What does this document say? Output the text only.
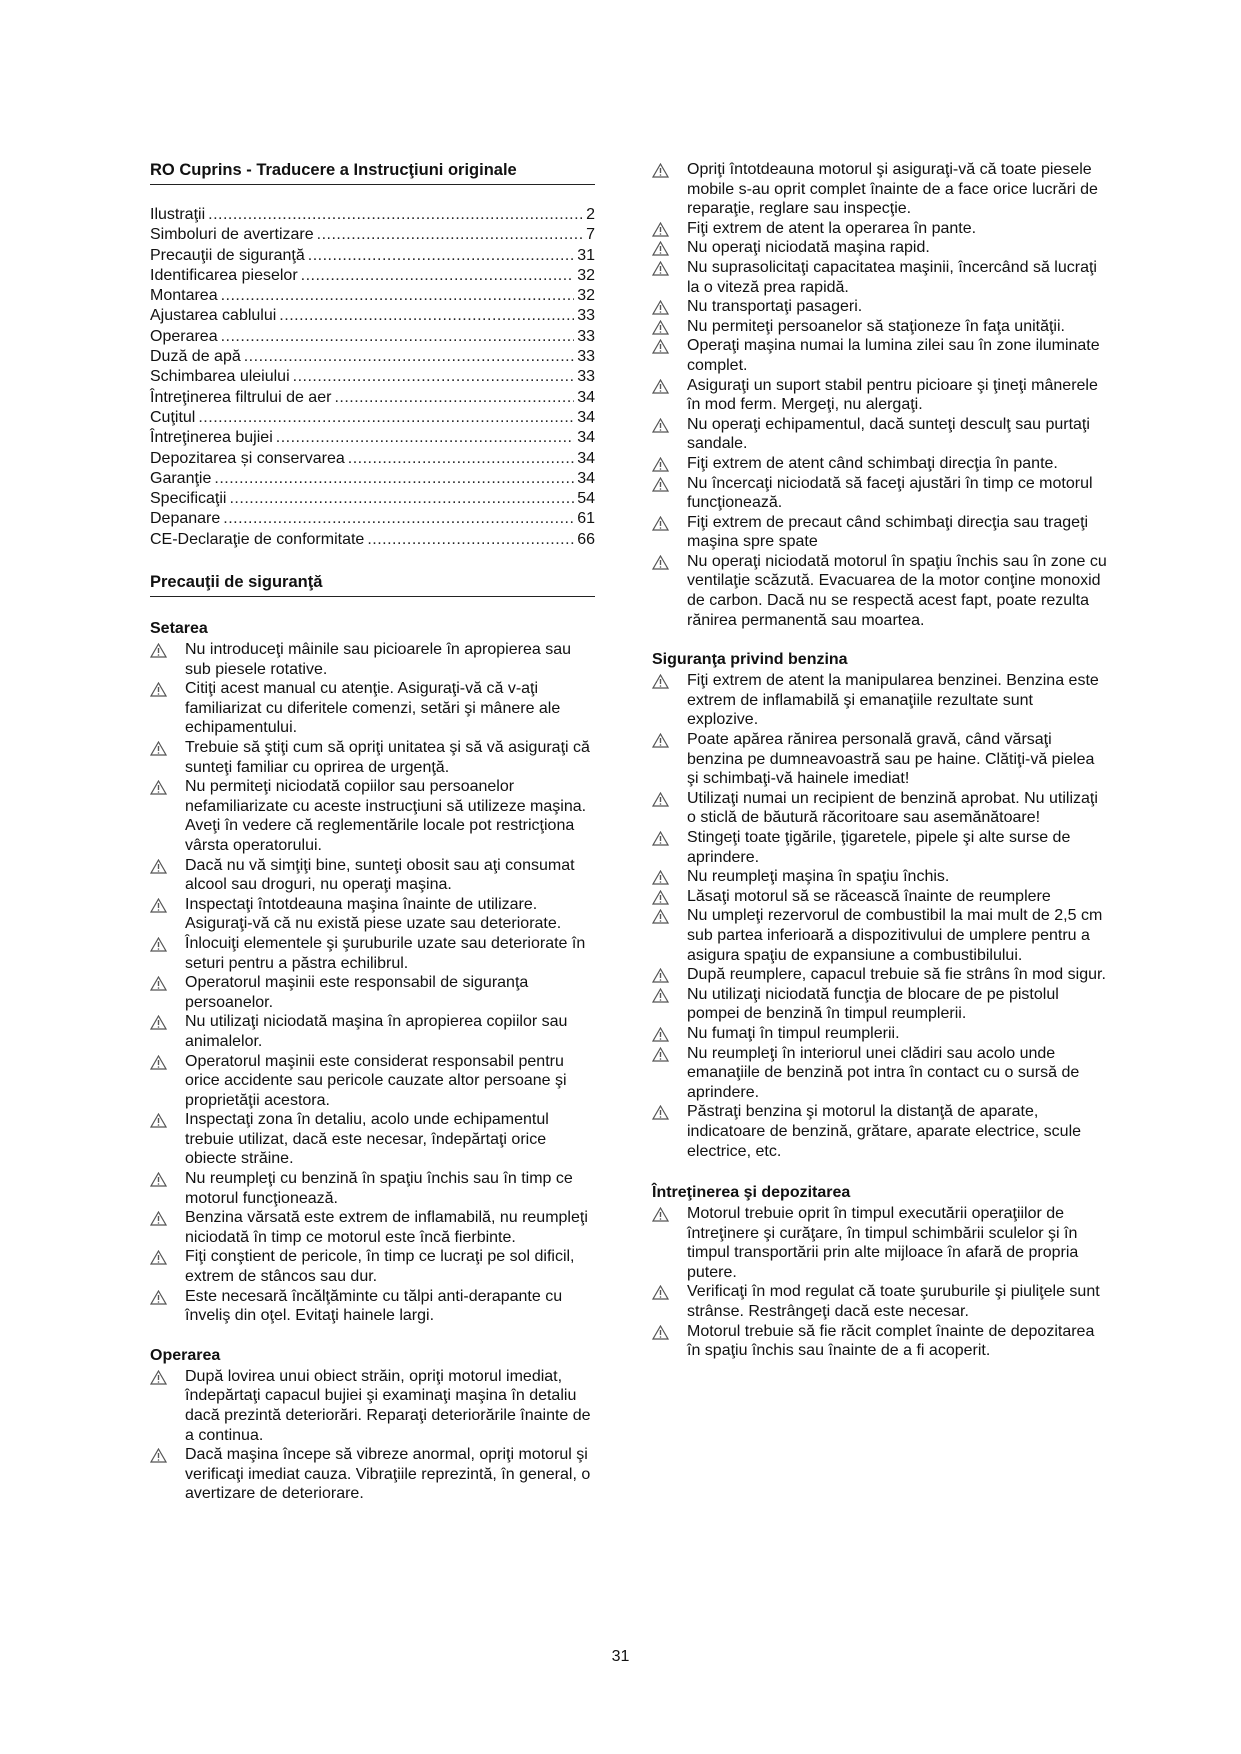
RO Cuprins - Traducere a Instrucţiuni originale
Ilustraţii .....	2
Simboluri de avertizare .....	7
Precauţii de siguranţă .....	31
Identificarea pieselor .....	32
Montarea .....	32
Ajustarea cablului .....	33
Operarea .....	33
Duză de apă .....	33
Schimbarea uleiului .....	33
Întreţinerea filtrului de aer .....	34
Cuţitul .....	34
Întreţinerea bujiei .....	34
Depozitarea și conservarea .....	34
Garanţie .....	34
Specificaţii .....	54
Depanare .....	61
CE-Declaraţie de conformitate .....	66
Precauţii de siguranţă
Setarea
Nu introduceţi mâinile sau picioarele în apropierea sau sub piesele rotative.
Citiţi acest manual cu atenţie. Asiguraţi-vă că v-aţi familiarizat cu diferitele comenzi, setări şi mânere ale echipamentului.
Trebuie să ştiţi cum să opriţi unitatea şi să vă asiguraţi că sunteţi familiar cu oprirea de urgenţă.
Nu permiteţi niciodată copiilor sau persoanelor nefamiliarizate cu aceste instrucţiuni să utilizeze maşina. Aveţi în vedere că reglementările locale pot restricţiona vârsta operatorului.
Dacă nu vă simţiţi bine, sunteţi obosit sau aţi consumat alcool sau droguri, nu operaţi maşina.
Inspectaţi întotdeauna maşina înainte de utilizare. Asiguraţi-vă că nu există piese uzate sau deteriorate.
Înlocuiţi elementele şi şuruburile uzate sau deteriorate în seturi pentru a păstra echilibrul.
Operatorul maşinii este responsabil de siguranţa persoanelor.
Nu utilizaţi niciodată maşina în apropierea copiilor sau animalelor.
Operatorul maşinii este considerat responsabil pentru orice accidente sau pericole cauzate altor persoane şi proprietăţii acestora.
Inspectaţi zona în detaliu, acolo unde echipamentul trebuie utilizat, dacă este necesar, îndepărtaţi orice obiecte străine.
Nu reumpleţi cu benzină în spaţiu închis sau în timp ce motorul funcţionează.
Benzina vărsată este extrem de inflamabilă, nu reumpleţi niciodată în timp ce motorul este încă fierbinte.
Fiţi conştient de pericole, în timp ce lucraţi pe sol dificil, extrem de stâncos sau dur.
Este necesară încălţăminte cu tălpi anti-derapante cu înveliş din oţel. Evitaţi hainele largi.
Operarea
După lovirea unui obiect străin, opriţi motorul imediat, îndepărtaţi capacul bujiei şi examinaţi maşina în detaliu dacă prezintă deteriorări. Reparaţi deteriorările înainte de a continua.
Dacă maşina începe să vibreze anormal, opriţi motorul şi verificaţi imediat cauza. Vibraţiile reprezintă, în general, o avertizare de deteriorare.
Opriţi întotdeauna motorul şi asiguraţi-vă că toate piesele mobile s-au oprit complet înainte de a face orice lucrări de reparaţie, reglare sau inspecţie.
Fiţi extrem de atent la operarea în pante.
Nu operaţi niciodată maşina rapid.
Nu suprasolicitaţi capacitatea maşinii, încercând să lucraţi la o viteză prea rapidă.
Nu transportaţi pasageri.
Nu permiteţi persoanelor să staţioneze în faţa unităţii.
Operaţi maşina numai la lumina zilei sau în zone iluminate complet.
Asiguraţi un suport stabil pentru picioare şi ţineţi mânerele în mod ferm. Mergeţi, nu alergaţi.
Nu operaţi echipamentul, dacă sunteţi desculţ sau purtaţi sandale.
Fiţi extrem de atent când schimbaţi direcţia în pante.
Nu încercaţi niciodată să faceţi ajustări în timp ce motorul funcţionează.
Fiţi extrem de precaut când schimbaţi direcţia sau trageţi maşina spre spate
Nu operaţi niciodată motorul în spaţiu închis sau în zone cu ventilaţie scăzută. Evacuarea de la motor conţine monoxid de carbon. Dacă nu se respectă acest fapt, poate rezulta rănirea permanentă sau moartea.
Siguranţa privind benzina
Fiţi extrem de atent la manipularea benzinei. Benzina este extrem de inflamabilă şi emanaţiile rezultate sunt explozive.
Poate apărea rănirea personală gravă, când vărsaţi benzina pe dumneavoastră sau pe haine. Clătiţi-vă pielea şi schimbaţi-vă hainele imediat!
Utilizaţi numai un recipient de benzină aprobat. Nu utilizaţi o sticlă de băutură răcoritoare sau asemănătoare!
Stingeţi toate ţigările, ţigaretele, pipele şi alte surse de aprindere.
Nu reumpleţi maşina în spaţiu închis.
Lăsaţi motorul să se răcească înainte de reumplere
Nu umpleţi rezervorul de combustibil la mai mult de 2,5 cm sub partea inferioară a dispozitivului de umplere pentru a asigura spaţiu de expansiune a combustibilului.
După reumplere, capacul trebuie să fie strâns în mod sigur.
Nu utilizaţi niciodată funcţia de blocare de pe pistolul pompei de benzină în timpul reumplerii.
Nu fumaţi în timpul reumplerii.
Nu reumpleţi în interiorul unei clădiri sau acolo unde emanaţiile de benzină pot intra în contact cu o sursă de aprindere.
Păstraţi benzina şi motorul la distanţă de aparate, indicatoare de benzină, grătare, aparate electrice, scule electrice, etc.
Întreţinerea şi depozitarea
Motorul trebuie oprit în timpul executării operaţiilor de întreţinere şi curăţare, în timpul schimbării sculelor şi în timpul transportării prin alte mijloace în afară de propria putere.
Verificaţi în mod regulat că toate şuruburile şi piuliţele sunt strânse. Restrângeţi dacă este necesar.
Motorul trebuie să fie răcit complet înainte de depozitarea în spaţiu închis sau înainte de a fi acoperit.
31
